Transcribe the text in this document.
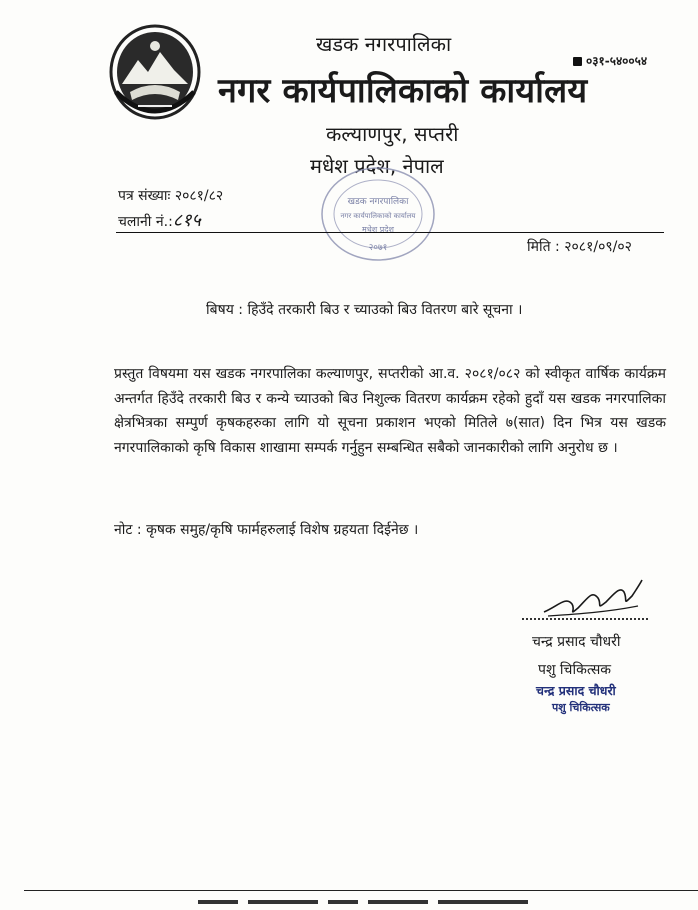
खडक नगरपालिका
नगर कार्यपालिकाको कार्यालय
कल्याणपुर, सप्तरी
मधेश प्रदेश, नेपाल
०३१-५४००५४
खडक नगरपालिका
नगर कार्यपालिकाको कार्यालय
मधेश प्रदेश
२०७१
पत्र संख्याः २०८१/८२
चलानी नं.:८१५
मिति : २०८१/०९/०२
बिषय : हिउँदे तरकारी बिउ र च्याउको बिउ वितरण बारे सूचना ।
प्रस्तुत विषयमा यस खडक नगरपालिका कल्याणपुर, सप्तरीको आ.व. २०८१/०८२ को स्वीकृत वार्षिक कार्यक्रम अन्तर्गत हिउँदे तरकारी बिउ र कन्ये च्याउको बिउ निशुल्क वितरण कार्यक्रम रहेको हुदाँ यस खडक नगरपालिका क्षेत्रभित्रका सम्पुर्ण कृषकहरुका लागि यो सूचना प्रकाशन भएको मितिले ७(सात) दिन भित्र यस खडक नगरपालिकाको कृषि विकास शाखामा सम्पर्क गर्नुहुन सम्बन्धित सबैको जानकारीको लागि अनुरोध छ ।
नोट : कृषक समुह/कृषि फार्महरुलाई विशेष ग्रहयता दिईनेछ ।
चन्द्र प्रसाद चौधरी
पशु चिकित्सक
चन्द्र प्रसाद चौधरी
पशु चिकित्सक
